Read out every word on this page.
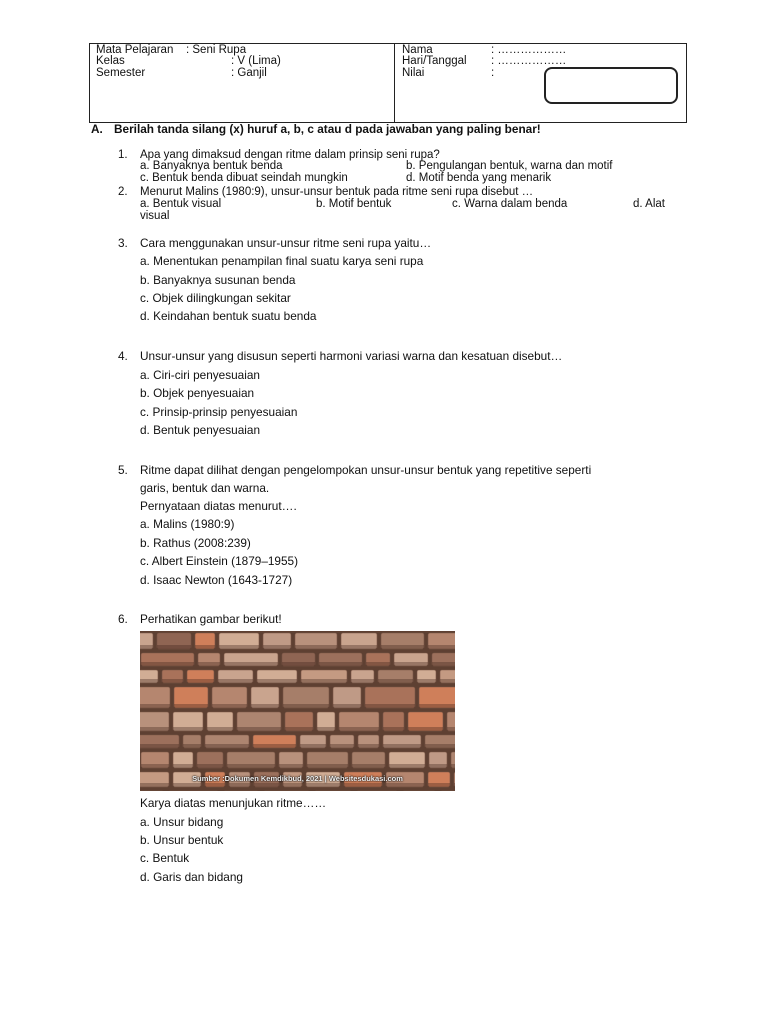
Mata Pelajaran : Seni Rupa
Kelas	: V (Lima)
Semester	: Ganjil
Nama	: ………………
Hari/Tanggal : ………………
Nilai	:
A. Berilah tanda silang (x) huruf a, b, c atau d pada jawaban yang paling benar!
1. Apa yang dimaksud dengan ritme dalam prinsip seni rupa?
a. Banyaknya bentuk benda	b. Pengulangan bentuk, warna dan motif
c. Bentuk benda dibuat seindah mungkin	d. Motif benda yang menarik
2. Menurut Malins (1980:9), unsur-unsur bentuk pada ritme seni rupa disebut …
a. Bentuk visual	b. Motif bentuk	c. Warna dalam benda	d. Alat
visual
3. Cara menggunakan unsur-unsur ritme seni rupa yaitu…
a. Menentukan penampilan final suatu karya seni rupa
b. Banyaknya susunan benda
c. Objek dilingkungan sekitar
d. Keindahan bentuk suatu benda
4. Unsur-unsur yang disusun seperti harmoni variasi warna dan kesatuan disebut…
a. Ciri-ciri penyesuaian
b. Objek penyesuaian
c. Prinsip-prinsip penyesuaian
d. Bentuk penyesuaian
5. Ritme dapat dilihat dengan pengelompokan unsur-unsur bentuk yang repetitive seperti
garis, bentuk dan warna.
Pernyataan diatas menurut….
a. Malins (1980:9)
b. Rathus (2008:239)
c. Albert Einstein (1879–1955)
d. Isaac Newton (1643-1727)
6. Perhatikan gambar berikut!
Sumber :Dokumen Kemdikbud, 2021 | Websitesdukasi.com
Karya diatas menunjukan ritme……
a. Unsur bidang
b. Unsur bentuk
c. Bentuk
d. Garis dan bidang
